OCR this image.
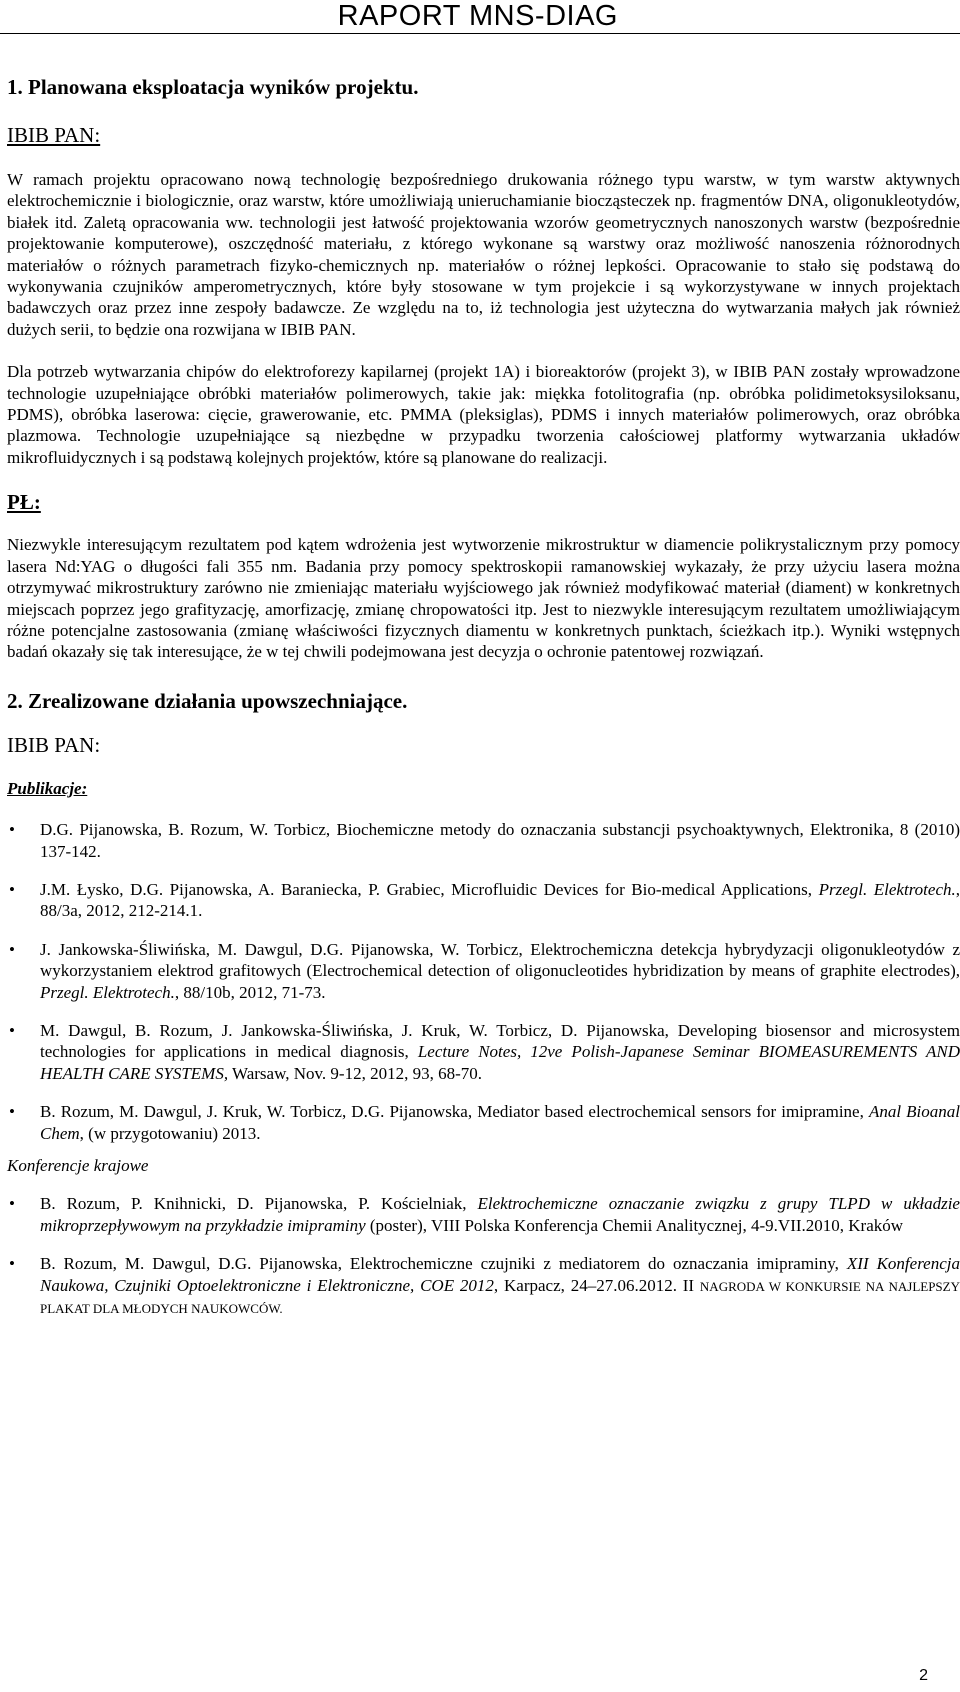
RAPORT MNS-DIAG

1. Planowana eksploatacja wyników projektu.

IBIB PAN:

W ramach projektu opracowano nową technologię bezpośredniego drukowania różnego typu warstw, w tym warstw aktywnych elektrochemicznie i biologicznie, oraz warstw, które umożliwiają unieruchamianie biocząsteczek np. fragmentów DNA, oligonukleotydów, białek itd. Zaletą opracowania ww. technologii jest łatwość projektowania wzorów geometrycznych nanoszonych warstw (bezpośrednie projektowanie komputerowe), oszczędność materiału, z którego wykonane są warstwy oraz możliwość nanoszenia różnorodnych materiałów o różnych parametrach fizyko-chemicznych np. materiałów o różnej lepkości. Opracowanie to stało się podstawą do wykonywania czujników amperometrycznych, które były stosowane w tym projekcie i są wykorzystywane w innych projektach badawczych oraz przez inne zespoły badawcze. Ze względu na to, iż technologia jest użyteczna do wytwarzania małych jak również dużych serii, to będzie ona rozwijana w IBIB PAN.

Dla potrzeb wytwarzania chipów do elektroforezy kapilarnej (projekt 1A) i bioreaktorów (projekt 3), w IBIB PAN zostały wprowadzone technologie uzupełniające obróbki materiałów polimerowych, takie jak: miękka fotolitografia (np. obróbka polidimetoksysiloksanu, PDMS), obróbka laserowa: cięcie, grawerowanie, etc. PMMA (pleksiglas), PDMS i innych materiałów polimerowych, oraz obróbka plazmowa. Technologie uzupełniające są niezbędne w przypadku tworzenia całościowej platformy wytwarzania układów mikrofluidycznych i są podstawą kolejnych projektów, które są planowane do realizacji.

PŁ:

Niezwykle interesującym rezultatem pod kątem wdrożenia jest wytworzenie mikrostruktur w diamencie polikrystalicznym przy pomocy lasera Nd:YAG o długości fali 355 nm. Badania przy pomocy spektroskopii ramanowskiej wykazały, że przy użyciu lasera można otrzymywać mikrostruktury zarówno nie zmieniając materiału wyjściowego jak również modyfikować materiał (diament) w konkretnych miejscach poprzez jego grafityzację, amorfizację, zmianę chropowatości itp. Jest to niezwykle interesującym rezultatem umożliwiającym różne potencjalne zastosowania (zmianę właściwości fizycznych diamentu w konkretnych punktach, ścieżkach itp.). Wyniki wstępnych badań okazały się tak interesujące, że w tej chwili podejmowana jest decyzja o ochronie patentowej rozwiązań.

2. Zrealizowane działania upowszechniające.

IBIB PAN:

Publikacje:

• D.G. Pijanowska, B. Rozum, W. Torbicz, Biochemiczne metody do oznaczania substancji psychoaktywnych, Elektronika, 8 (2010) 137-142.
• J.M. Łysko, D.G. Pijanowska, A. Baraniecka, P. Grabiec, Microfluidic Devices for Bio-medical Applications, Przegl. Elektrotech., 88/3a, 2012, 212-214.1.
• J. Jankowska-Śliwińska, M. Dawgul, D.G. Pijanowska, W. Torbicz, Elektrochemiczna detekcja hybrydyzacji oligonukleotydów z wykorzystaniem elektrod grafitowych (Electrochemical detection of oligonucleotides hybridization by means of graphite electrodes), Przegl. Elektrotech., 88/10b, 2012, 71-73.
• M. Dawgul, B. Rozum, J. Jankowska-Śliwińska, J. Kruk, W. Torbicz, D. Pijanowska, Developing biosensor and microsystem technologies for applications in medical diagnosis, Lecture Notes, 12ve Polish-Japanese Seminar BIOMEASUREMENTS AND HEALTH CARE SYSTEMS, Warsaw, Nov. 9-12, 2012, 93, 68-70.
• B. Rozum, M. Dawgul, J. Kruk, W. Torbicz, D.G. Pijanowska, Mediator based electrochemical sensors for imipramine, Anal Bioanal Chem, (w przygotowaniu) 2013.

Konferencje krajowe

• B. Rozum, P. Knihnicki, D. Pijanowska, P. Kościelniak, Elektrochemiczne oznaczanie związku z grupy TLPD w układzie mikroprzepływowym na przykładzie imipraminy (poster), VIII Polska Konferencja Chemii Analitycznej, 4-9.VII.2010, Kraków
• B. Rozum, M. Dawgul, D.G. Pijanowska, Elektrochemiczne czujniki z mediatorem do oznaczania imipraminy, XII Konferencja Naukowa, Czujniki Optoelektroniczne i Elektroniczne, COE 2012, Karpacz, 24–27.06.2012. II NAGRODA W KONKURSIE NA NAJLEPSZY PLAKAT DLA MŁODYCH NAUKOWCÓW.
2
